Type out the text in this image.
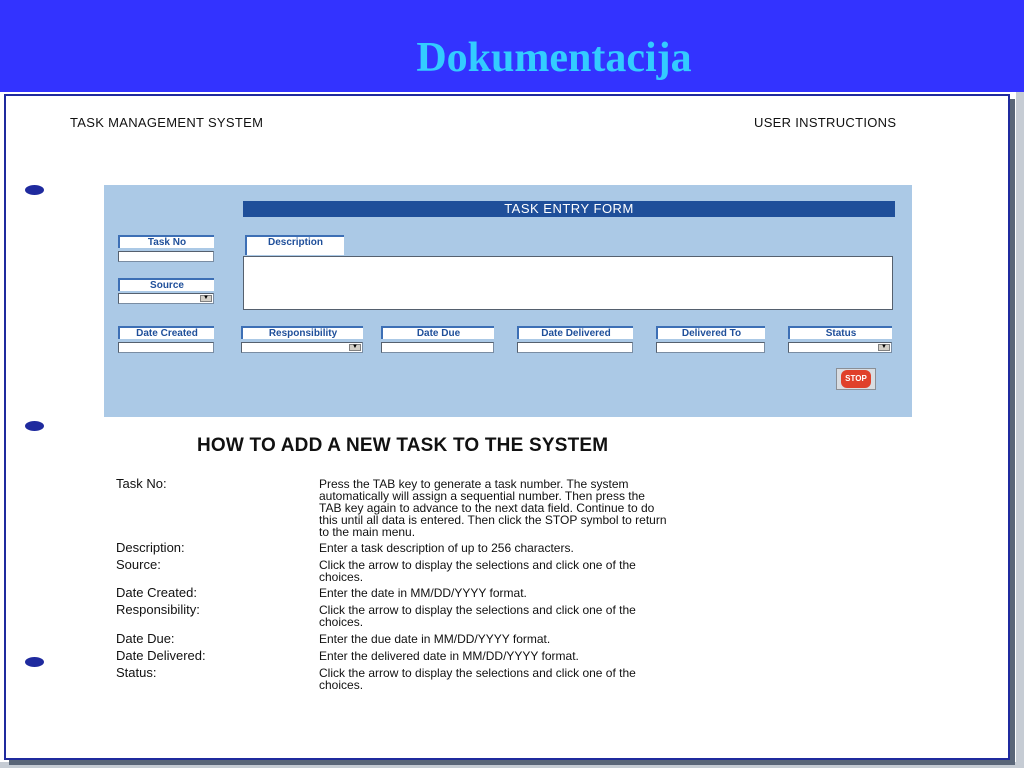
Dokumentacija
TASK MANAGEMENT SYSTEM	USER INSTRUCTIONS
TASK ENTRY FORM
Task No
Source
▼
Description
Date Created	Responsibility
▼
Date Due	Date Delivered	Delivered To	Status
▼
STOP
HOW TO ADD A NEW TASK TO THE SYSTEM
Task No:	Press the TAB key to generate a task number. The system
automatically will assign a sequential number. Then press the
TAB key again to advance to the next data field. Continue to do
this until all data is entered. Then click the STOP symbol to return
to the main menu.
Description:	Enter a task description of up to 256 characters.
Source:	Click the arrow to display the selections and click one of the
choices.
Date Created:	Enter the date in MM/DD/YYYY format.
Responsibility:	Click the arrow to display the selections and click one of the
choices.
Date Due:	Enter the due date in MM/DD/YYYY format.
Date Delivered:	Enter the delivered date in MM/DD/YYYY format.
Status:	Click the arrow to display the selections and click one of the
choices.
